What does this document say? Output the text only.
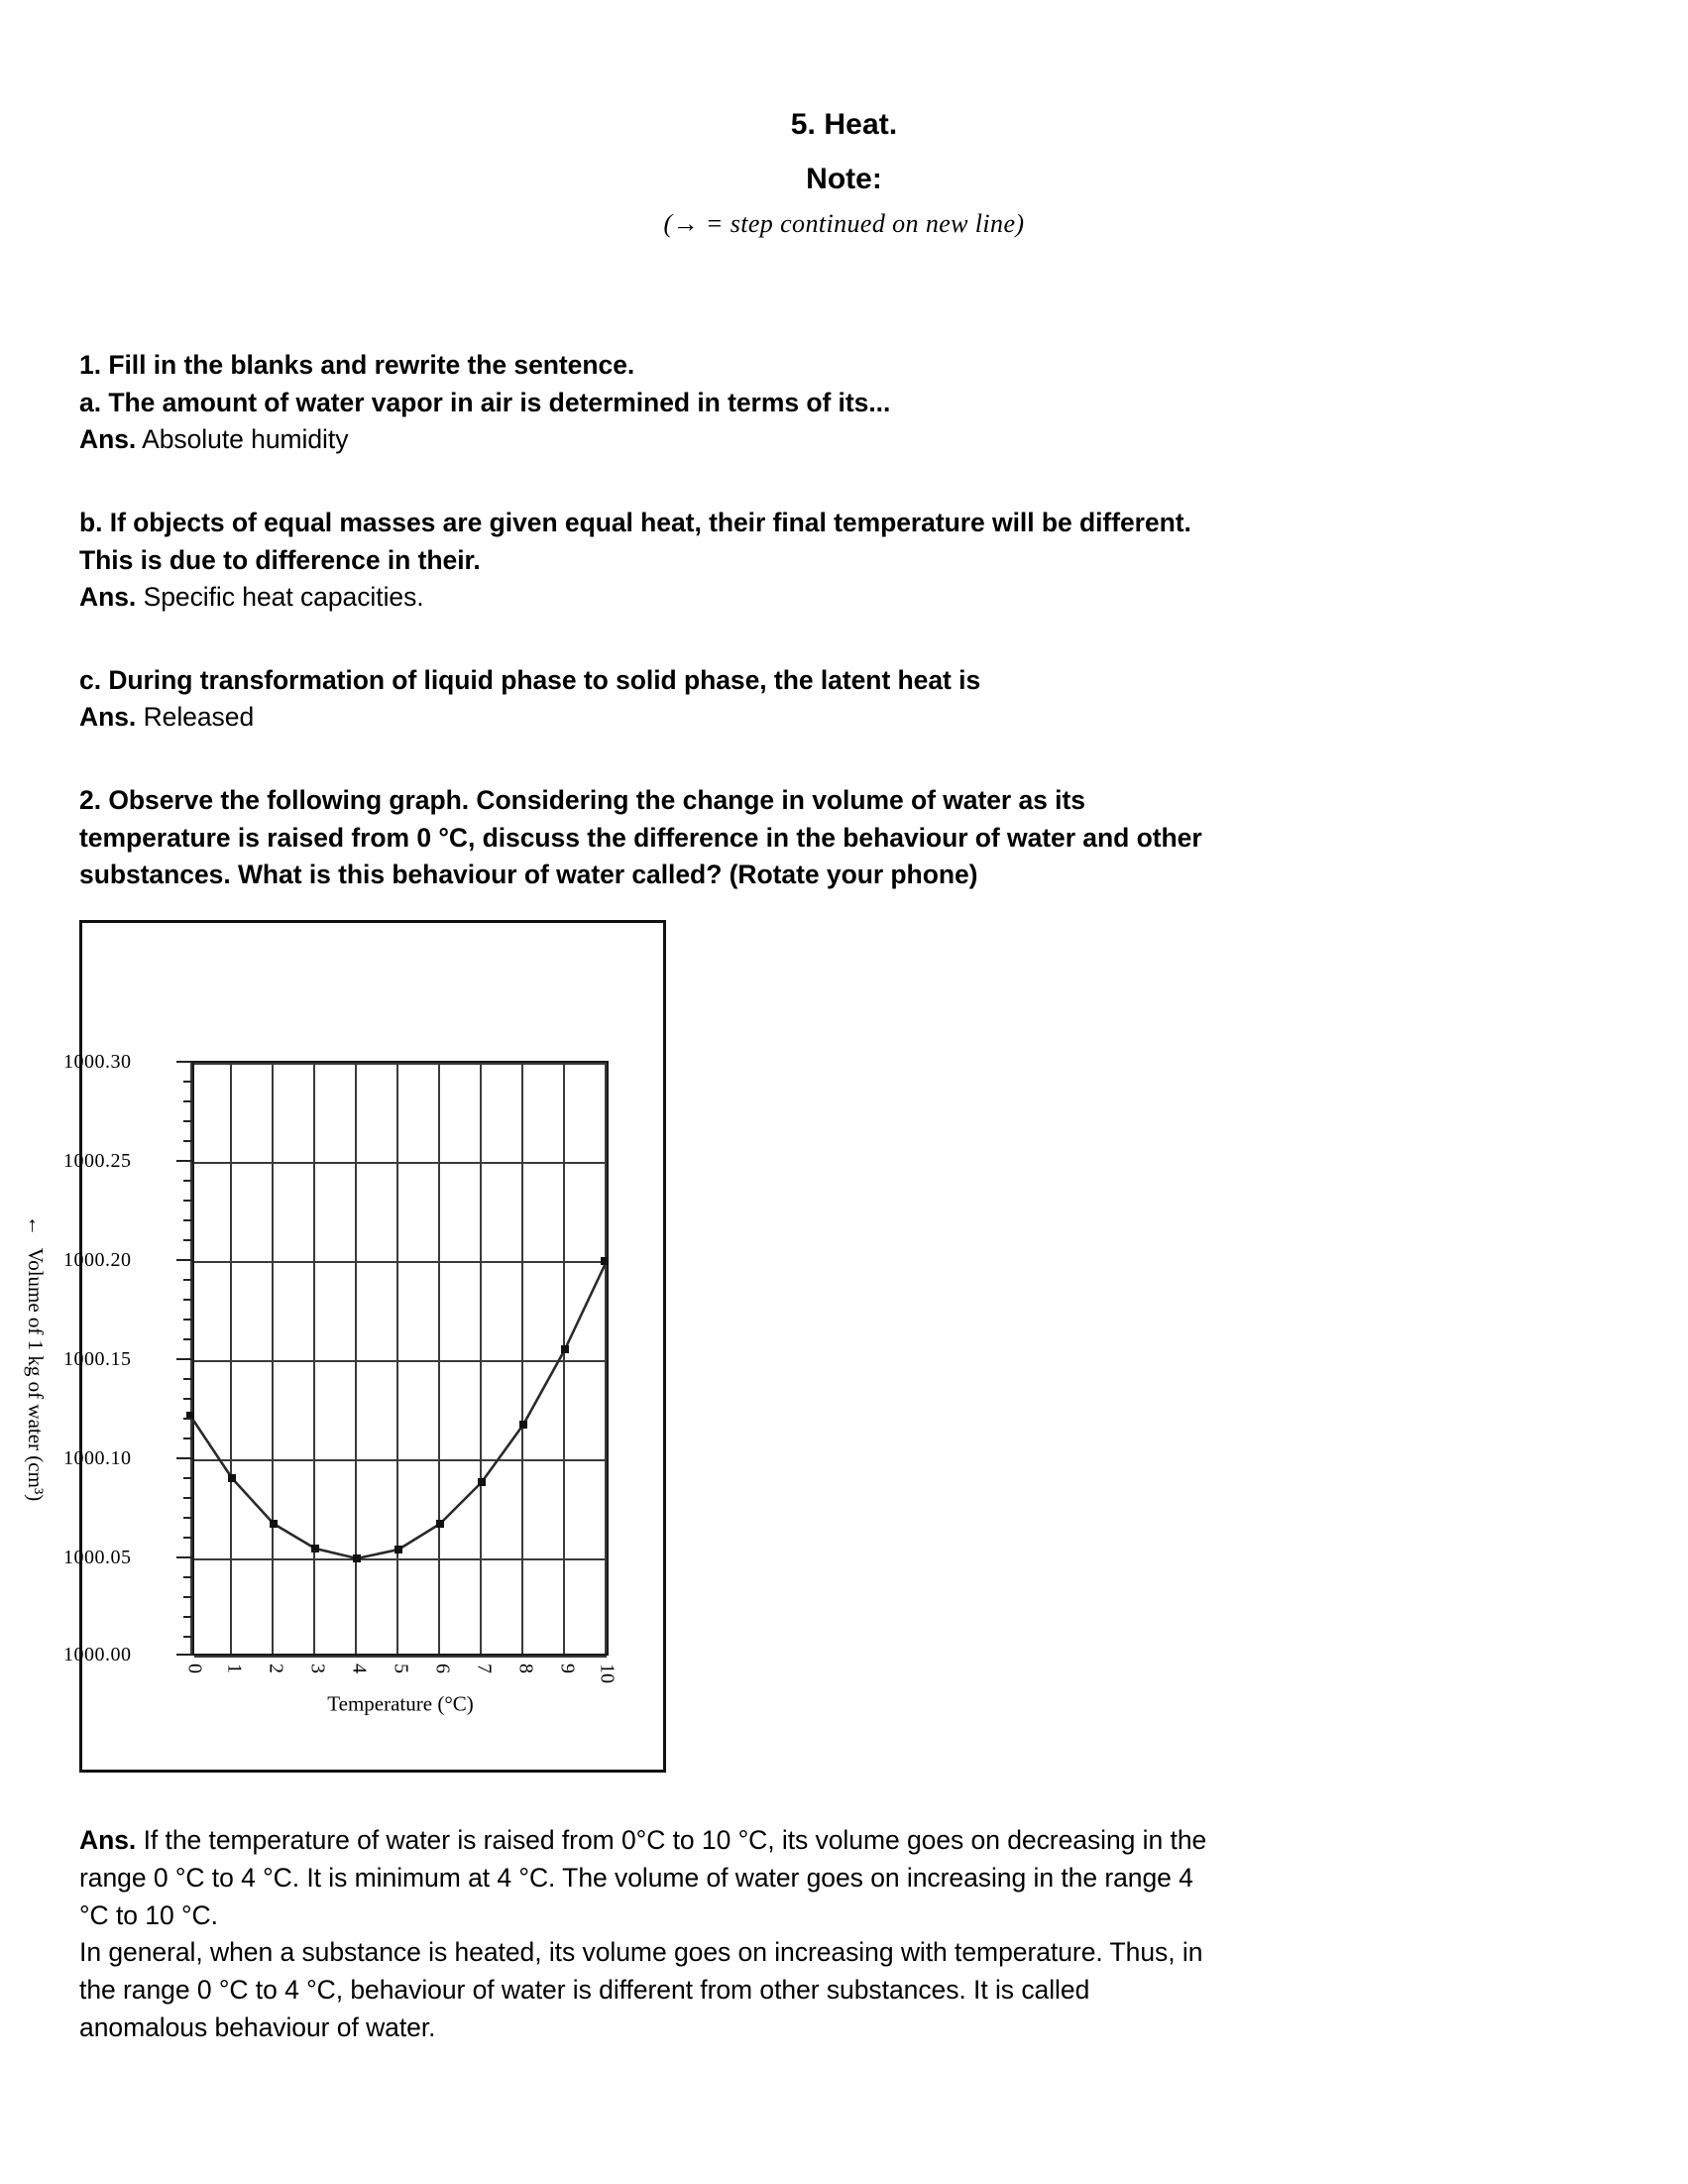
5. Heat.
Note:
(→ = step continued on new line)
1. Fill in the blanks and rewrite the sentence.
a. The amount of water vapor in air is determined in terms of its...
Ans. Absolute humidity
b. If objects of equal masses are given equal heat, their final temperature will be different.
This is due to difference in their.
Ans. Specific heat capacities.
c. During transformation of liquid phase to solid phase, the latent heat is
Ans. Released
2. Observe the following graph. Considering the change in volume of water as its
temperature is raised from 0 °C, discuss the difference in the behaviour of water and other
substances. What is this behaviour of water called? (Rotate your phone)
1000.30
1000.25
1000.20
1000.15
1000.10
1000.05
1000.00
←Volume of 1 kg of water (cm³)
0 1 2 3 4 5 6 7 8 9 10
Temperature (°C)
Ans. If the temperature of water is raised from 0°C to 10 °C, its volume goes on decreasing in the
range 0 °C to 4 °C. It is minimum at 4 °C. The volume of water goes on increasing in the range 4
°C to 10 °C.
In general, when a substance is heated, its volume goes on increasing with temperature. Thus, in
the range 0 °C to 4 °C, behaviour of water is different from other substances. It is called
anomalous behaviour of water.
